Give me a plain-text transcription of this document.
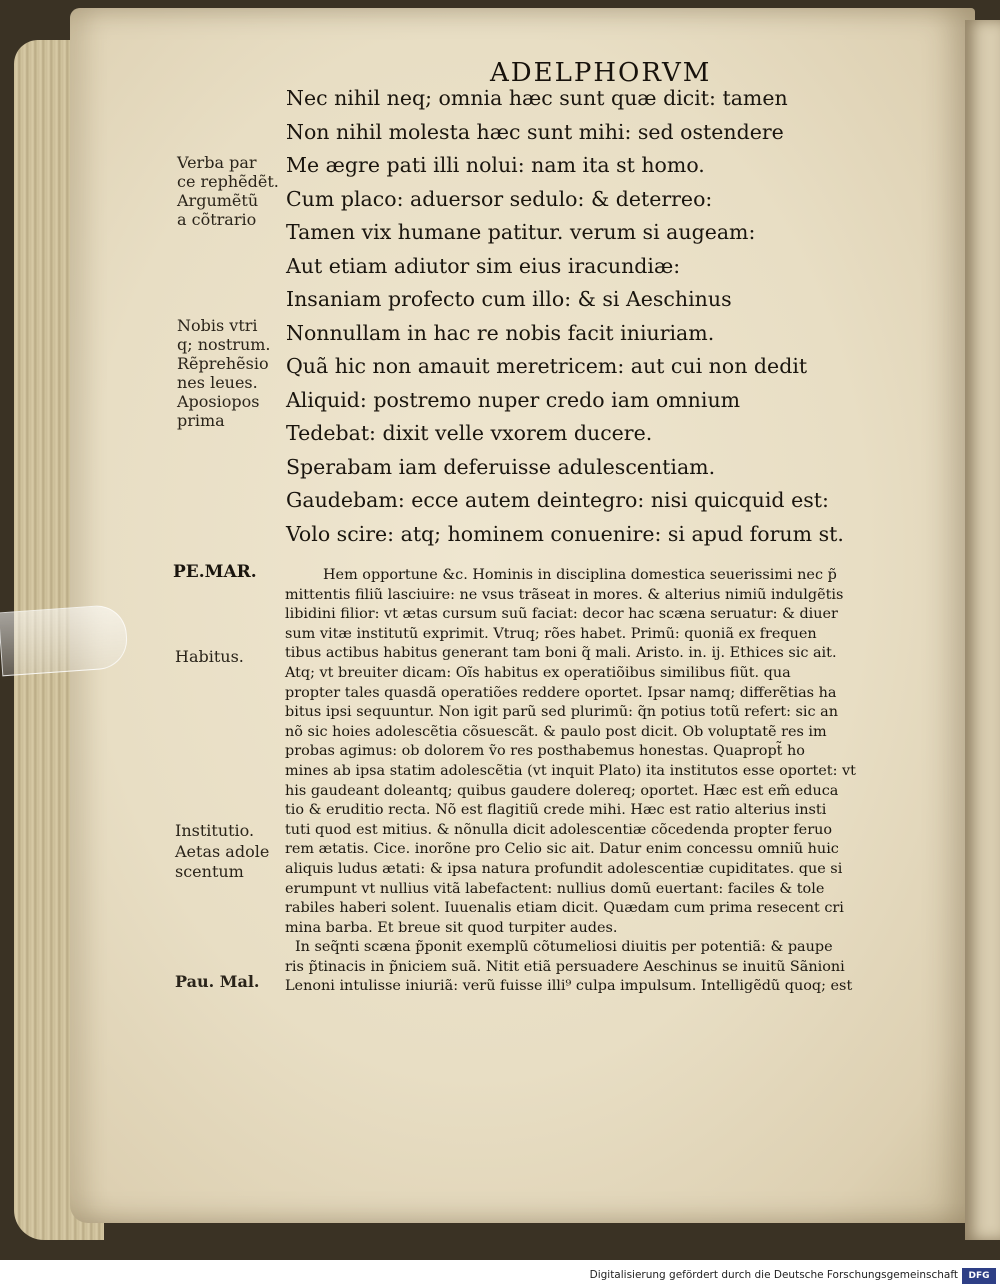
ADELPHORVM
Nec nihil neq; omnia hæc sunt quæ dicit: tamen
Non nihil molesta hæc sunt mihi: sed ostendere
Me ægre pati illi nolui: nam ita st homo.
Cum placo: aduersor sedulo: & deterreo:
Tamen vix humane patitur. verum si augeam:
Aut etiam adiutor sim eius iracundiæ:
Insaniam profecto cum illo: & si Aeschinus
Nonnullam in hac re nobis facit iniuriam.
Quã hic non amauit meretricem: aut cui non dedit
Aliquid: postremo nuper credo iam omnium
Tedebat: dixit velle vxorem ducere.
Sperabam iam deferuisse adulescentiam.
Gaudebam: ecce autem deintegro: nisi quicquid est:
Volo scire: atq; hominem conuenire: si apud forum st.
Verba par
ce rephẽdẽt.
Argumẽtũ
a cõtrario
Nobis vtri
q; nostrum.
Rẽprehẽsio
nes leues.
Aposiopos
prima
PE.MAR.	Hem opportune &c. Hominis in disciplina domestica seuerissimi nec p̃
mittentis filiũ lasciuire: ne vsus trãseat in mores. & alterius nimiũ indulgẽtis
libidini filior: vt ætas cursum suũ faciat: decor hac scæna seruatur: & diuer
sum vitæ institutũ exprimit. Vtruq; rões habet. Primũ: quoniã ex frequen
tibus actibus habitus generant tam boni q̃ mali. Aristo. in. ij. Ethices sic ait.
Atq; vt breuiter dicam: Oĩs habitus ex operatiõibus similibus fiũt. qua
propter tales quasdã operatiões reddere oportet. Ipsar namq; differẽtias ha
bitus ipsi sequuntur. Non igit parũ sed plurimũ: q̃n potius totũ refert: sic an
nõ sic hoies adolescẽtia cõsuescãt. & paulo post dicit. Ob voluptatẽ res im
probas agimus: ob dolorem ṽo res posthabemus honestas. Quapropt̃ ho
mines ab ipsa statim adolescẽtia (vt inquit Plato) ita institutos esse oportet: vt
his gaudeant doleantq; quibus gaudere dolereq; oportet. Hæc est em̃ educa
tio & eruditio recta. Nõ est flagitiũ crede mihi. Hæc est ratio alterius insti
tuti quod est mitius. & nõnulla dicit adolescentiæ cõcedenda propter feruo
rem ætatis. Cice. inorõne pro Celio sic ait. Datur enim concessu omniũ huic
aliquis ludus ætati: & ipsa natura profundit adolescentiæ cupiditates. que si
erumpunt vt nullius vitã labefactent: nullius domũ euertant: faciles & tole
rabiles haberi solent. Iuuenalis etiam dicit. Quædam cum prima resecent cri
mina barba. Et breue sit quod turpiter audes.
In seq̃nti scæna p̃ponit exemplũ cõtumeliosi diuitis per potentiã: & paupe
ris p̃tinacis in p̃niciem suã. Nitit etiã persuadere Aeschinus se inuitũ Sãnioni
Lenoni intulisse iniuriã: verũ fuisse illi⁹ culpa impulsum. Intelligẽdũ quoq; est
Habitus.
Institutio.
Aetas adole
scentum
Pau. Mal.
Digitalisierung gefördert durch die Deutsche Forschungsgemeinschaft	DFG
